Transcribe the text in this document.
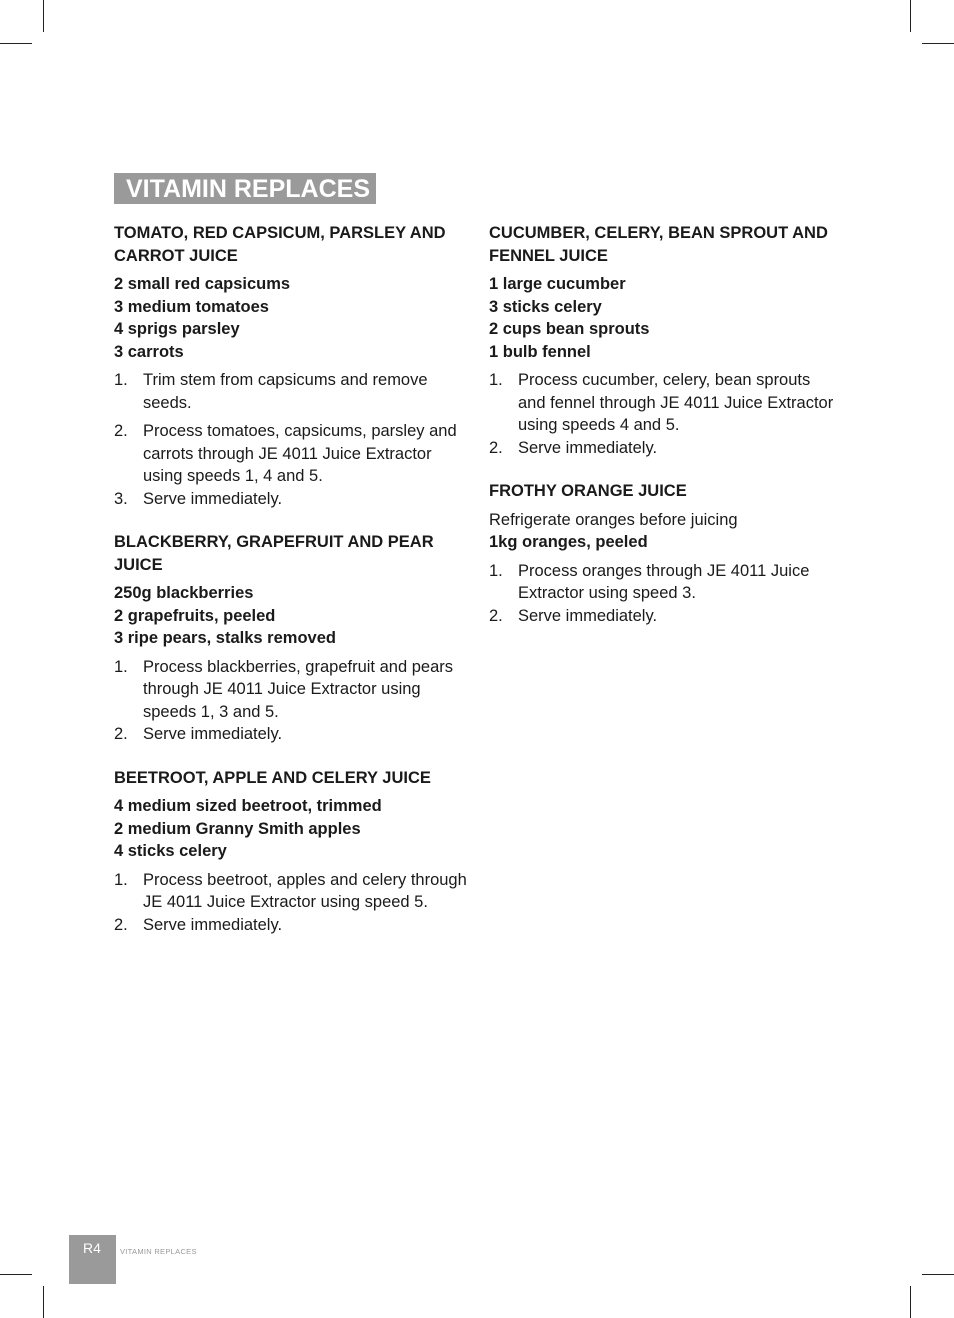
VITAMIN REPLACES
TOMATO, RED CAPSICUM, PARSLEY AND CARROT JUICE
2 small red capsicums
3 medium tomatoes
4 sprigs parsley
3 carrots
1. Trim stem from capsicums and remove seeds.
2. Process tomatoes, capsicums, parsley and carrots through JE 4011 Juice Extractor using speeds 1, 4 and 5.
3. Serve immediately.
BLACKBERRY, GRAPEFRUIT AND PEAR JUICE
250g blackberries
2 grapefruits, peeled
3 ripe pears, stalks removed
1. Process blackberries, grapefruit and pears through JE 4011 Juice Extractor using speeds 1, 3 and 5.
2. Serve immediately.
BEETROOT, APPLE AND CELERY JUICE
4 medium sized beetroot, trimmed
2 medium Granny Smith apples
4 sticks celery
1. Process beetroot, apples and celery through JE 4011 Juice Extractor using speed 5.
2. Serve immediately.
CUCUMBER, CELERY, BEAN SPROUT AND FENNEL JUICE
1 large cucumber
3 sticks celery
2 cups bean sprouts
1 bulb fennel
1. Process cucumber, celery, bean sprouts and fennel through JE 4011 Juice Extractor using speeds 4 and 5.
2. Serve immediately.
FROTHY ORANGE JUICE

Refrigerate oranges before juicing

1kg oranges, peeled
1. Process oranges through JE 4011 Juice Extractor using speed 3.
2. Serve immediately.
R4	VITAMIN REPLACES
